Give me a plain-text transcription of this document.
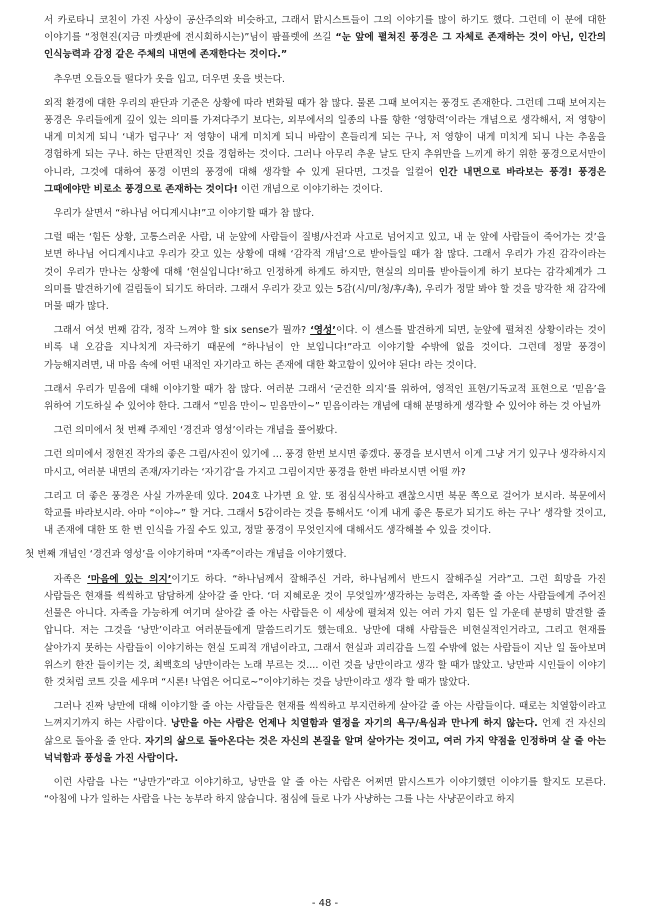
서 카로타니 코친이 가진 사상이 공산주의와 비슷하고, 그래서 맑시스트들이 그의 이야기를 많이 하기도 했다. 그런데 이 분에 대한 이야기를 “정현진(지금 마켓판에 전시회하시는)”님이 팜플렛에 쓰길 “눈 앞에 펼쳐진 풍경은 그 자체로 존재하는 것이 아닌, 인간의 인식능력과 감정 같은 주체의 내면에 존재한다는 것이다.”

추우면 오들오들 떨다가 옷을 입고, 더우면 옷을 벗는다.

외적 환경에 대한 우리의 판단과 기준은 상황에 따라 변화될 때가 참 많다. 물론 그때 보여지는 풍경도 존재한다. 그런데 그때 보여지는 풍경은 우리들에게 깊이 있는 의미를 가져다주기 보다는, 외부에서의 일종의 나를 향한 ‘영향력’이라는 개념으로 생각해서, 저 영향이 내게 미치게 되니 ‘내가 덥구나’ 저 영향이 내게 미치게 되니 바람이 흔들리게 되는 구나, 저 영향이 내게 미치게 되니 나는 추움을 경험하게 되는 구나. 하는 단편적인 것을 경험하는 것이다. 그러나 아무리 추운 날도 단지 추위만을 느끼게 하기 위한 풍경으로서만이 아니라, 그것에 대하여 풍경 이면의 풍경에 대해 생각할 수 있게 된다면, 그것을 일컬어 인간 내면으로 바라보는 풍경! 풍경은 그때에야만 비로소 풍경으로 존재하는 것이다! 이런 개념으로 이야기하는 것이다.

우리가 살면서 “하나님 어디계시냐!”고 이야기할 때가 참 많다.

그럴 때는 ‘힘든 상황, 고통스러운 사람, 내 눈앞에 사람들이 질병/사건과 사고로 넘어지고 있고, 내 눈 앞에 사람들이 죽어가는 것’을 보면 하나님 어디계시냐고 우리가 갖고 있는 상황에 대해 ‘감각적 개념’으로 받아들일 때가 참 많다. 그래서 우리가 가진 감각이라는 것이 우리가 만나는 상황에 대해 ‘현실입니다!’하고 인정하게 하게도 하지만, 현실의 의미를 받아들이게 하기 보다는 감각체계가 그 의미를 발견하기에 걸림돌이 되기도 하더라. 그래서 우리가 갖고 있는 5감(시/미/청/후/촉), 우리가 정말 봐야 할 것을 망각한 채 감각에 머물 때가 많다.

그래서 여섯 번째 감각, 정작 느껴야 할 six sense가 뭘까? ‘영성’이다. 이 센스를 발견하게 되면, 눈앞에 펼쳐진 상황이라는 것이 비록 내 오감을 지나치게 자극하기 때문에 “하나님이 안 보입니다!”라고 이야기할 수밖에 없을 것이다. 그런데 정말 풍경이 가능해지려면, 내 마음 속에 어떤 내적인 자기라고 하는 존재에 대한 확고함이 있어야 된다! 라는 것이다.

그래서 우리가 믿음에 대해 이야기할 때가 참 많다. 여러분 그래서 ‘굳건한 의지’를 위하여, 영적인 표현/기독교적 표현으로 ‘믿음’을 위하여 기도하실 수 있어야 한다. 그래서 “믿음 만이~ 믿음만이~” 믿음이라는 개념에 대해 분명하게 생각할 수 있어야 하는 것 아닐까

그런 의미에서 첫 번째 주제인 ‘경건과 영성’이라는 개념을 풀어봤다.

그런 의미에서 정현진 작가의 좋은 그림/사진이 있기에 … 풍경 한번 보시면 좋겠다. 풍경을 보시면서 이게 그냥 거기 있구나 생각하시지 마시고, 여러분 내면의 존재/자기라는 ‘자기감’을 가지고 그림이지만 풍경을 한번 바라보시면 어떨 까?

그리고 더 좋은 풍경은 사실 가까운데 있다. 204호 나가면 요 앞. 또 점심식사하고 괜찮으시면 북문 쪽으로 걸어가 보시라. 북문에서 학교를 바라보시라. 아마 “이야~” 할 거다. 그래서 5감이라는 것을 통해서도 ‘이게 내게 좋은 통로가 되기도 하는 구나’ 생각할 것이고, 내 존재에 대한 또 한 번 인식을 가질 수도 있고, 정말 풍경이 무엇인지에 대해서도 생각해볼 수 있을 것이다.

첫 번째 개념인 ‘경건과 영성’을 이야기하며 “자족”이라는 개념을 이야기했다.

자족은 ‘마음에 있는 의지’이기도 하다. “하나님께서 잘해주신 거라, 하나님께서 반드시 잘해주실 거라”고. 그런 희망을 가진 사람들은 현재를 씩씩하고 담담하게 살아갈 줄 안다. ‘더 지혜로운 것이 무엇일까’생각하는 능력은, 자족할 줄 아는 사람들에게 주어진 선물은 아니다. 자족을 가능하게 여기며 살아갈 줄 아는 사람들은 이 세상에 펼쳐져 있는 여러 가지 힘든 일 가운데 분명히 발견할 줄 압니다. 저는 그것을 ‘낭만’이라고 여러분들에게 말씀드리기도 했는데요. 낭만에 대해 사람들은 비현실적인거라고, 그리고 현재를 살아가지 못하는 사람들이 이야기하는 현실 도피적 개념이라고, 그래서 현실과 괴리감을 느낄 수밖에 없는 사람들이 지난 일 돌아보며 위스키 한잔 들이키는 것, 최백호의 낭만이라는 노래 부르는 것.... 이런 것을 낭만이라고 생각 할 때가 많았고. 낭만파 시인들이 이야기 한 것처럼 코트 깃을 세우며 “시론! 낙엽은 어디로~”이야기하는 것을 낭만이라고 생각 할 때가 많았다.

그러나 진짜 낭만에 대해 이야기할 줄 아는 사람들은 현재를 씩씩하고 부지런하게 살아갈 줄 아는 사람들이다. 때로는 치열함이라고 느껴지기까지 하는 사람이다. 낭만을 아는 사람은 언제나 치열함과 열정을 자기의 욕구/욕심과 만나게 하지 않는다. 언제 건 자신의 삶으로 돌아올 줄 안다. 자기의 삶으로 돌아온다는 것은 자신의 본질을 알며 살아가는 것이고, 여러 가지 약점을 인정하며 살 줄 아는 넉넉함과 풍성을 가진 사람이다.

이런 사람을 나는 “낭만가”라고 이야기하고, 낭만을 알 줄 아는 사람은 어쩌면 맑시스트가 이야기했던 이야기를 할지도 모른다. “아침에 나가 일하는 사람을 나는 농부라 하지 않습니다. 점심에 들로 나가 사냥하는 그를 나는 사냥꾼이라고 하지

- 48 -
